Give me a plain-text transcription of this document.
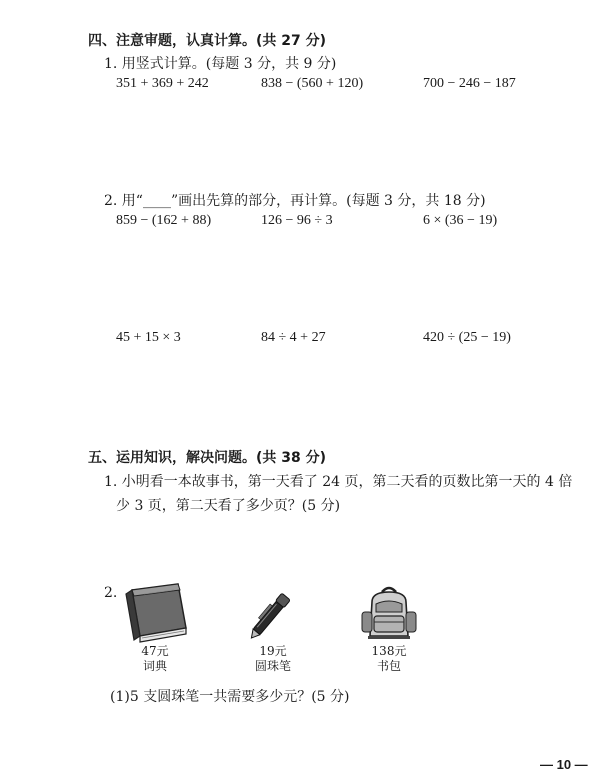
四、注意审题，认真计算。(共 27 分)
1. 用竖式计算。(每题 3 分，共 9 分)
351 + 369 + 242	838 − (560 + 120)	700 − 246 − 187
2. 用“____”画出先算的部分，再计算。(每题 3 分，共 18 分)
859 − (162 + 88)	126 − 96 ÷ 3	6 × (36 − 19)
45 + 15 × 3	84 ÷ 4 + 27	420 ÷ (25 − 19)
五、运用知识，解决问题。(共 38 分)
1. 小明看一本故事书，第一天看了 24 页，第二天看的页数比第一天的 4 倍
少 3 页，第二天看了多少页？(5 分)
2.
47元
词典
19元
圆珠笔
138元
书包
(1)5 支圆珠笔一共需要多少元？(5 分)
— 10 —
